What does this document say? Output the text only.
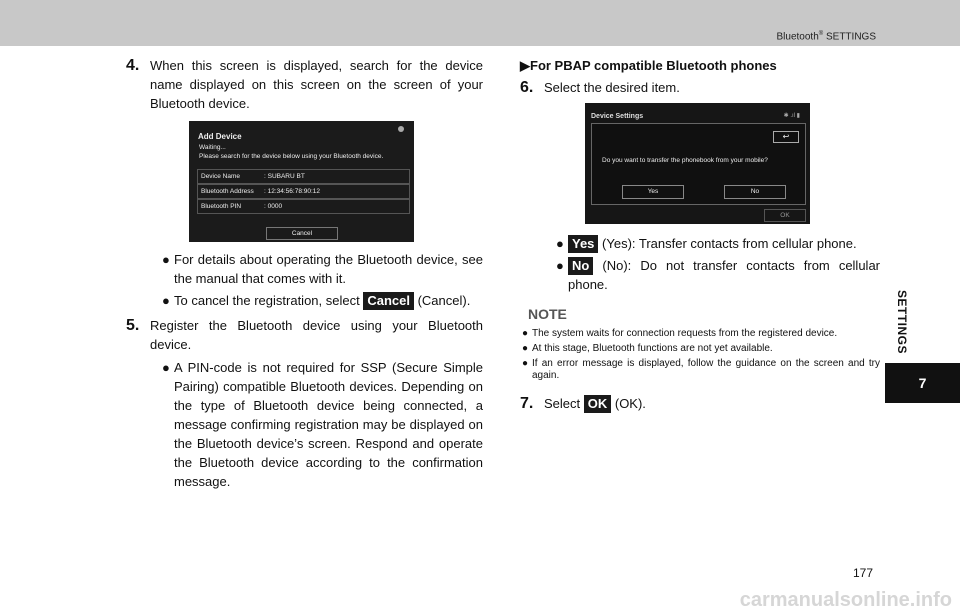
Bluetooth® SETTINGS
SETTINGS
7
177
carmanualsonline.info
4. When this screen is displayed, search for the device name displayed on this screen on the screen of your Bluetooth device.
Add Device
Waiting...
Please search for the device below using your Bluetooth device.
Device Name	: SUBARU BT
Bluetooth Address : 12:34:56:78:90:12
Bluetooth PIN	: 0000
Cancel
● For details about operating the Bluetooth device, see the manual that comes with it.
● To cancel the registration, select Cancel (Cancel).
5. Register the Bluetooth device using your Bluetooth device.
● A PIN-code is not required for SSP (Secure Simple Pairing) compatible Bluetooth devices. Depending on the type of Bluetooth device being connected, a message confirming registration may be displayed on the Bluetooth device’s screen. Respond and operate the Bluetooth device according to the confirmation message.
▶For PBAP compatible Bluetooth phones
6. Select the desired item.
Device Settings	✱ .ıl ▮
↩
Do you want to transfer the phonebook from your mobile?
Yes	No
OK
● Yes (Yes): Transfer contacts from cellular phone.
● No (No): Do not transfer contacts from cellular phone.
NOTE
● The system waits for connection requests from the registered device.
● At this stage, Bluetooth functions are not yet available.
● If an error message is displayed, follow the guidance on the screen and try again.
7. Select OK (OK).
